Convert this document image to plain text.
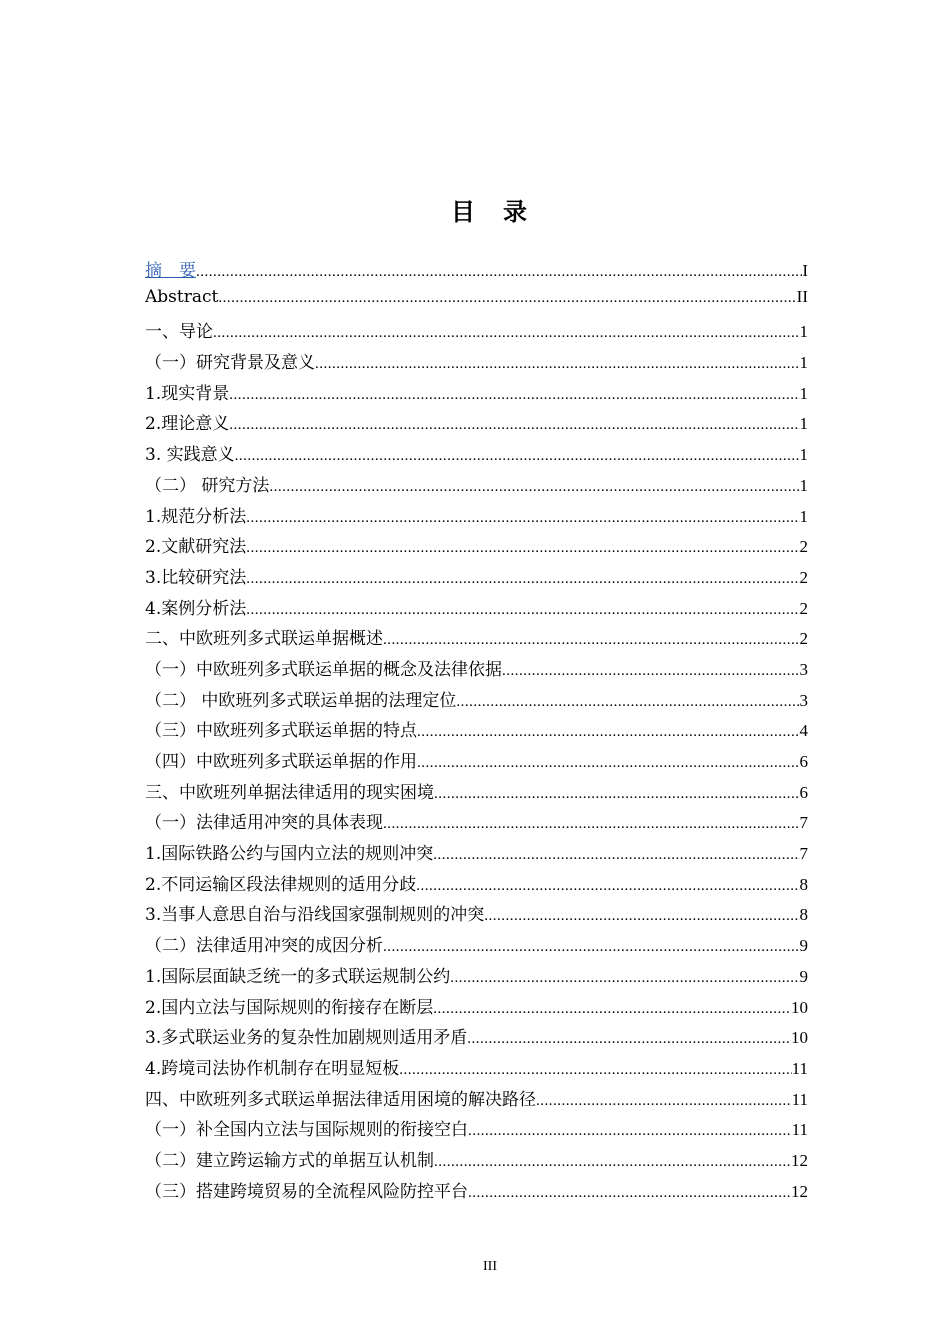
目　录
摘　要 .....	I
Abstract .....	II
一、导论 .....	1
（一）研究背景及意义 .....	1
1.现实背景 .....	1
2.理论意义 .....	1
3. 实践意义 .....	1
（二） 研究方法 .....	1
1.规范分析法 .....	1
2.文献研究法 .....	2
3.比较研究法 .....	2
4.案例分析法 .....	2
二、中欧班列多式联运单据概述 .....	2
（一）中欧班列多式联运单据的概念及法律依据 .....	3
（二） 中欧班列多式联运单据的法理定位 .....	3
（三）中欧班列多式联运单据的特点 .....	4
（四）中欧班列多式联运单据的作用 .....	6
三、中欧班列单据法律适用的现实困境 .....	6
（一）法律适用冲突的具体表现 .....	7
1.国际铁路公约与国内立法的规则冲突 .....	7
2.不同运输区段法律规则的适用分歧 .....	8
3.当事人意思自治与沿线国家强制规则的冲突 .....	8
（二）法律适用冲突的成因分析 .....	9
1.国际层面缺乏统一的多式联运规制公约 .....	9
2.国内立法与国际规则的衔接存在断层 .....	10
3.多式联运业务的复杂性加剧规则适用矛盾 .....	10
4.跨境司法协作机制存在明显短板 .....	11
四、中欧班列多式联运单据法律适用困境的解决路径 .....	11
（一）补全国内立法与国际规则的衔接空白 .....	11
（二）建立跨运输方式的单据互认机制 .....	12
（三）搭建跨境贸易的全流程风险防控平台 .....	12
III
